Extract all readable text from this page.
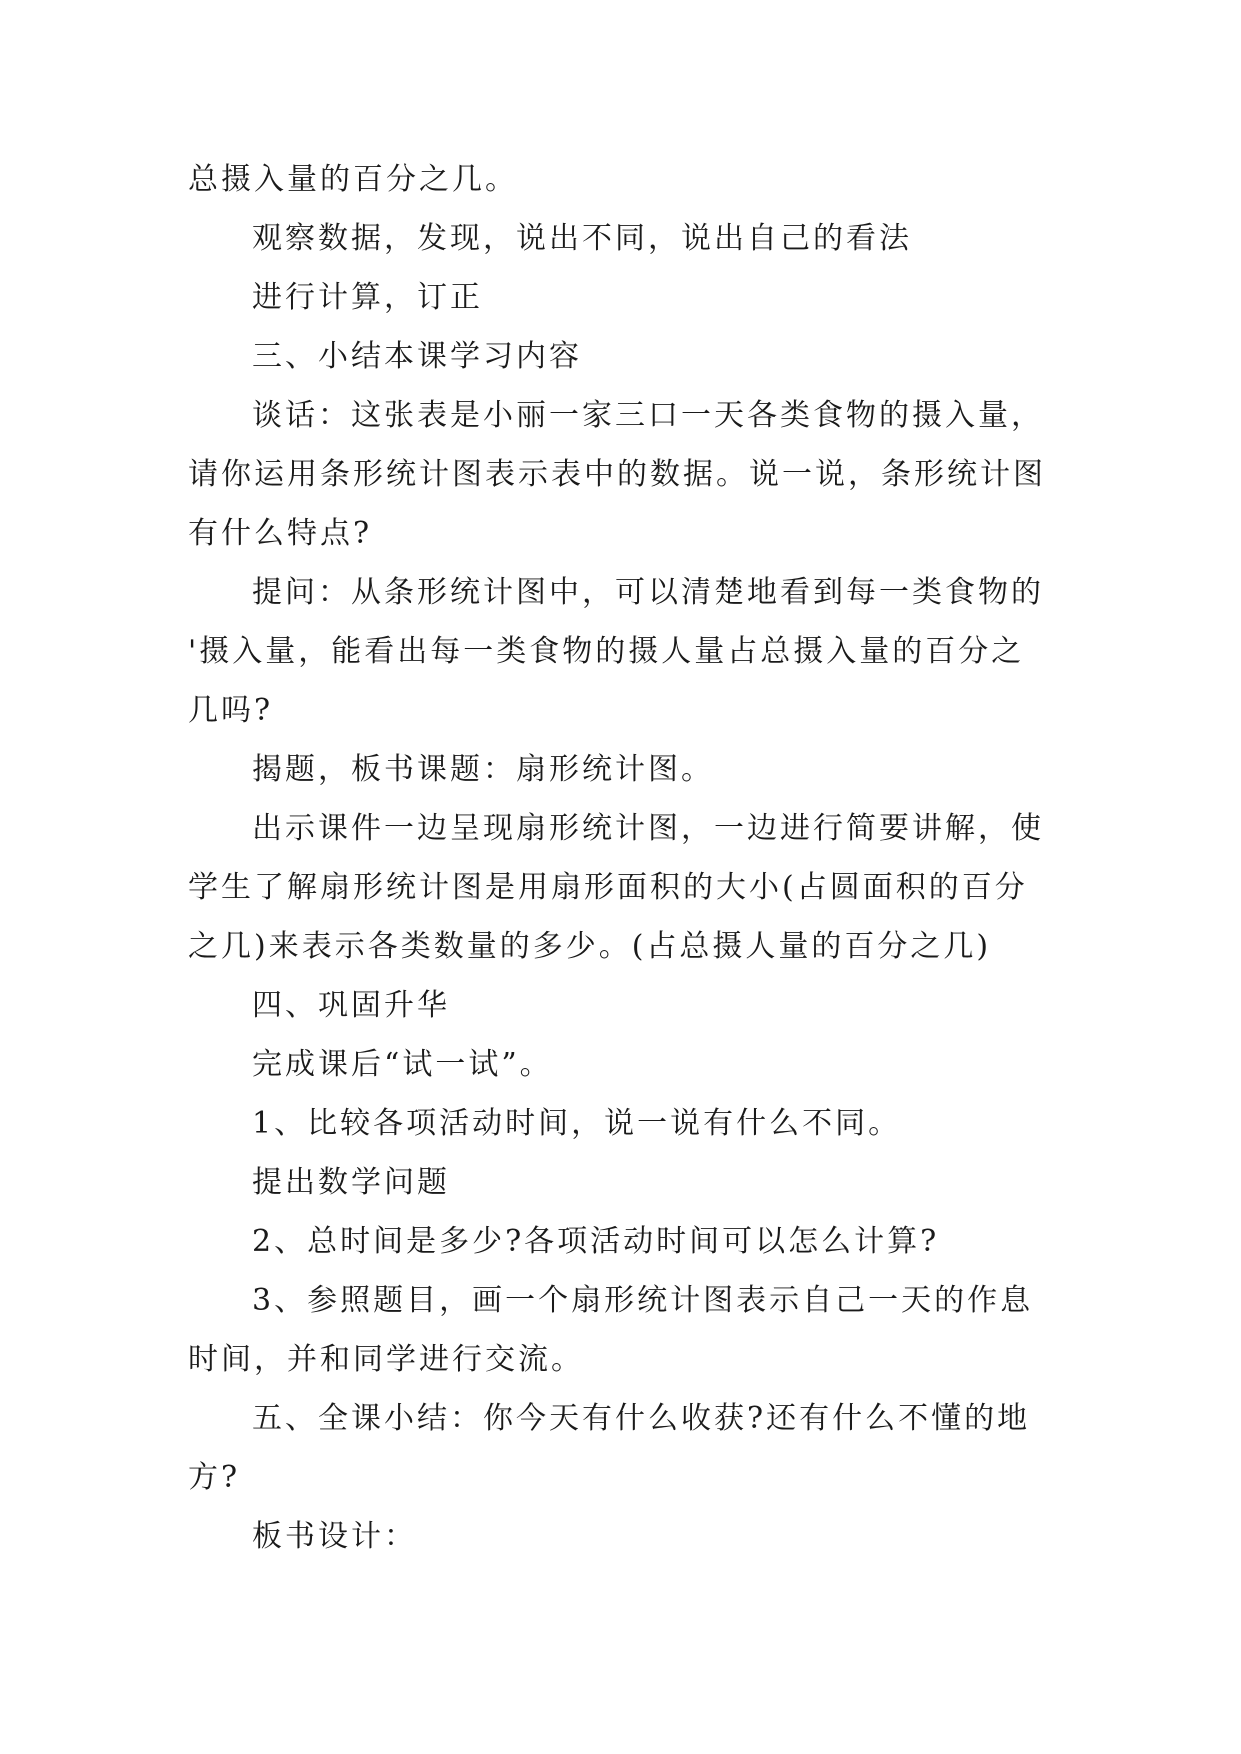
总摄入量的百分之几。

观察数据，发现，说出不同，说出自己的看法

进行计算，订正

三、小结本课学习内容

谈话：这张表是小丽一家三口一天各类食物的摄入量，

请你运用条形统计图表示表中的数据。说一说，条形统计图

有什么特点?

提问：从条形统计图中，可以清楚地看到每一类食物的

'摄入量，能看出每一类食物的摄人量占总摄入量的百分之

几吗?

揭题，板书课题：扇形统计图。

出示课件一边呈现扇形统计图，一边进行简要讲解，使

学生了解扇形统计图是用扇形面积的大小(占圆面积的百分

之几)来表示各类数量的多少。(占总摄人量的百分之几)

四、巩固升华

完成课后“试一试”。

1、比较各项活动时间，说一说有什么不同。

提出数学问题

2、总时间是多少?各项活动时间可以怎么计算?

3、参照题目，画一个扇形统计图表示自己一天的作息

时间，并和同学进行交流。

五、全课小结：你今天有什么收获?还有什么不懂的地

方?

板书设计：
